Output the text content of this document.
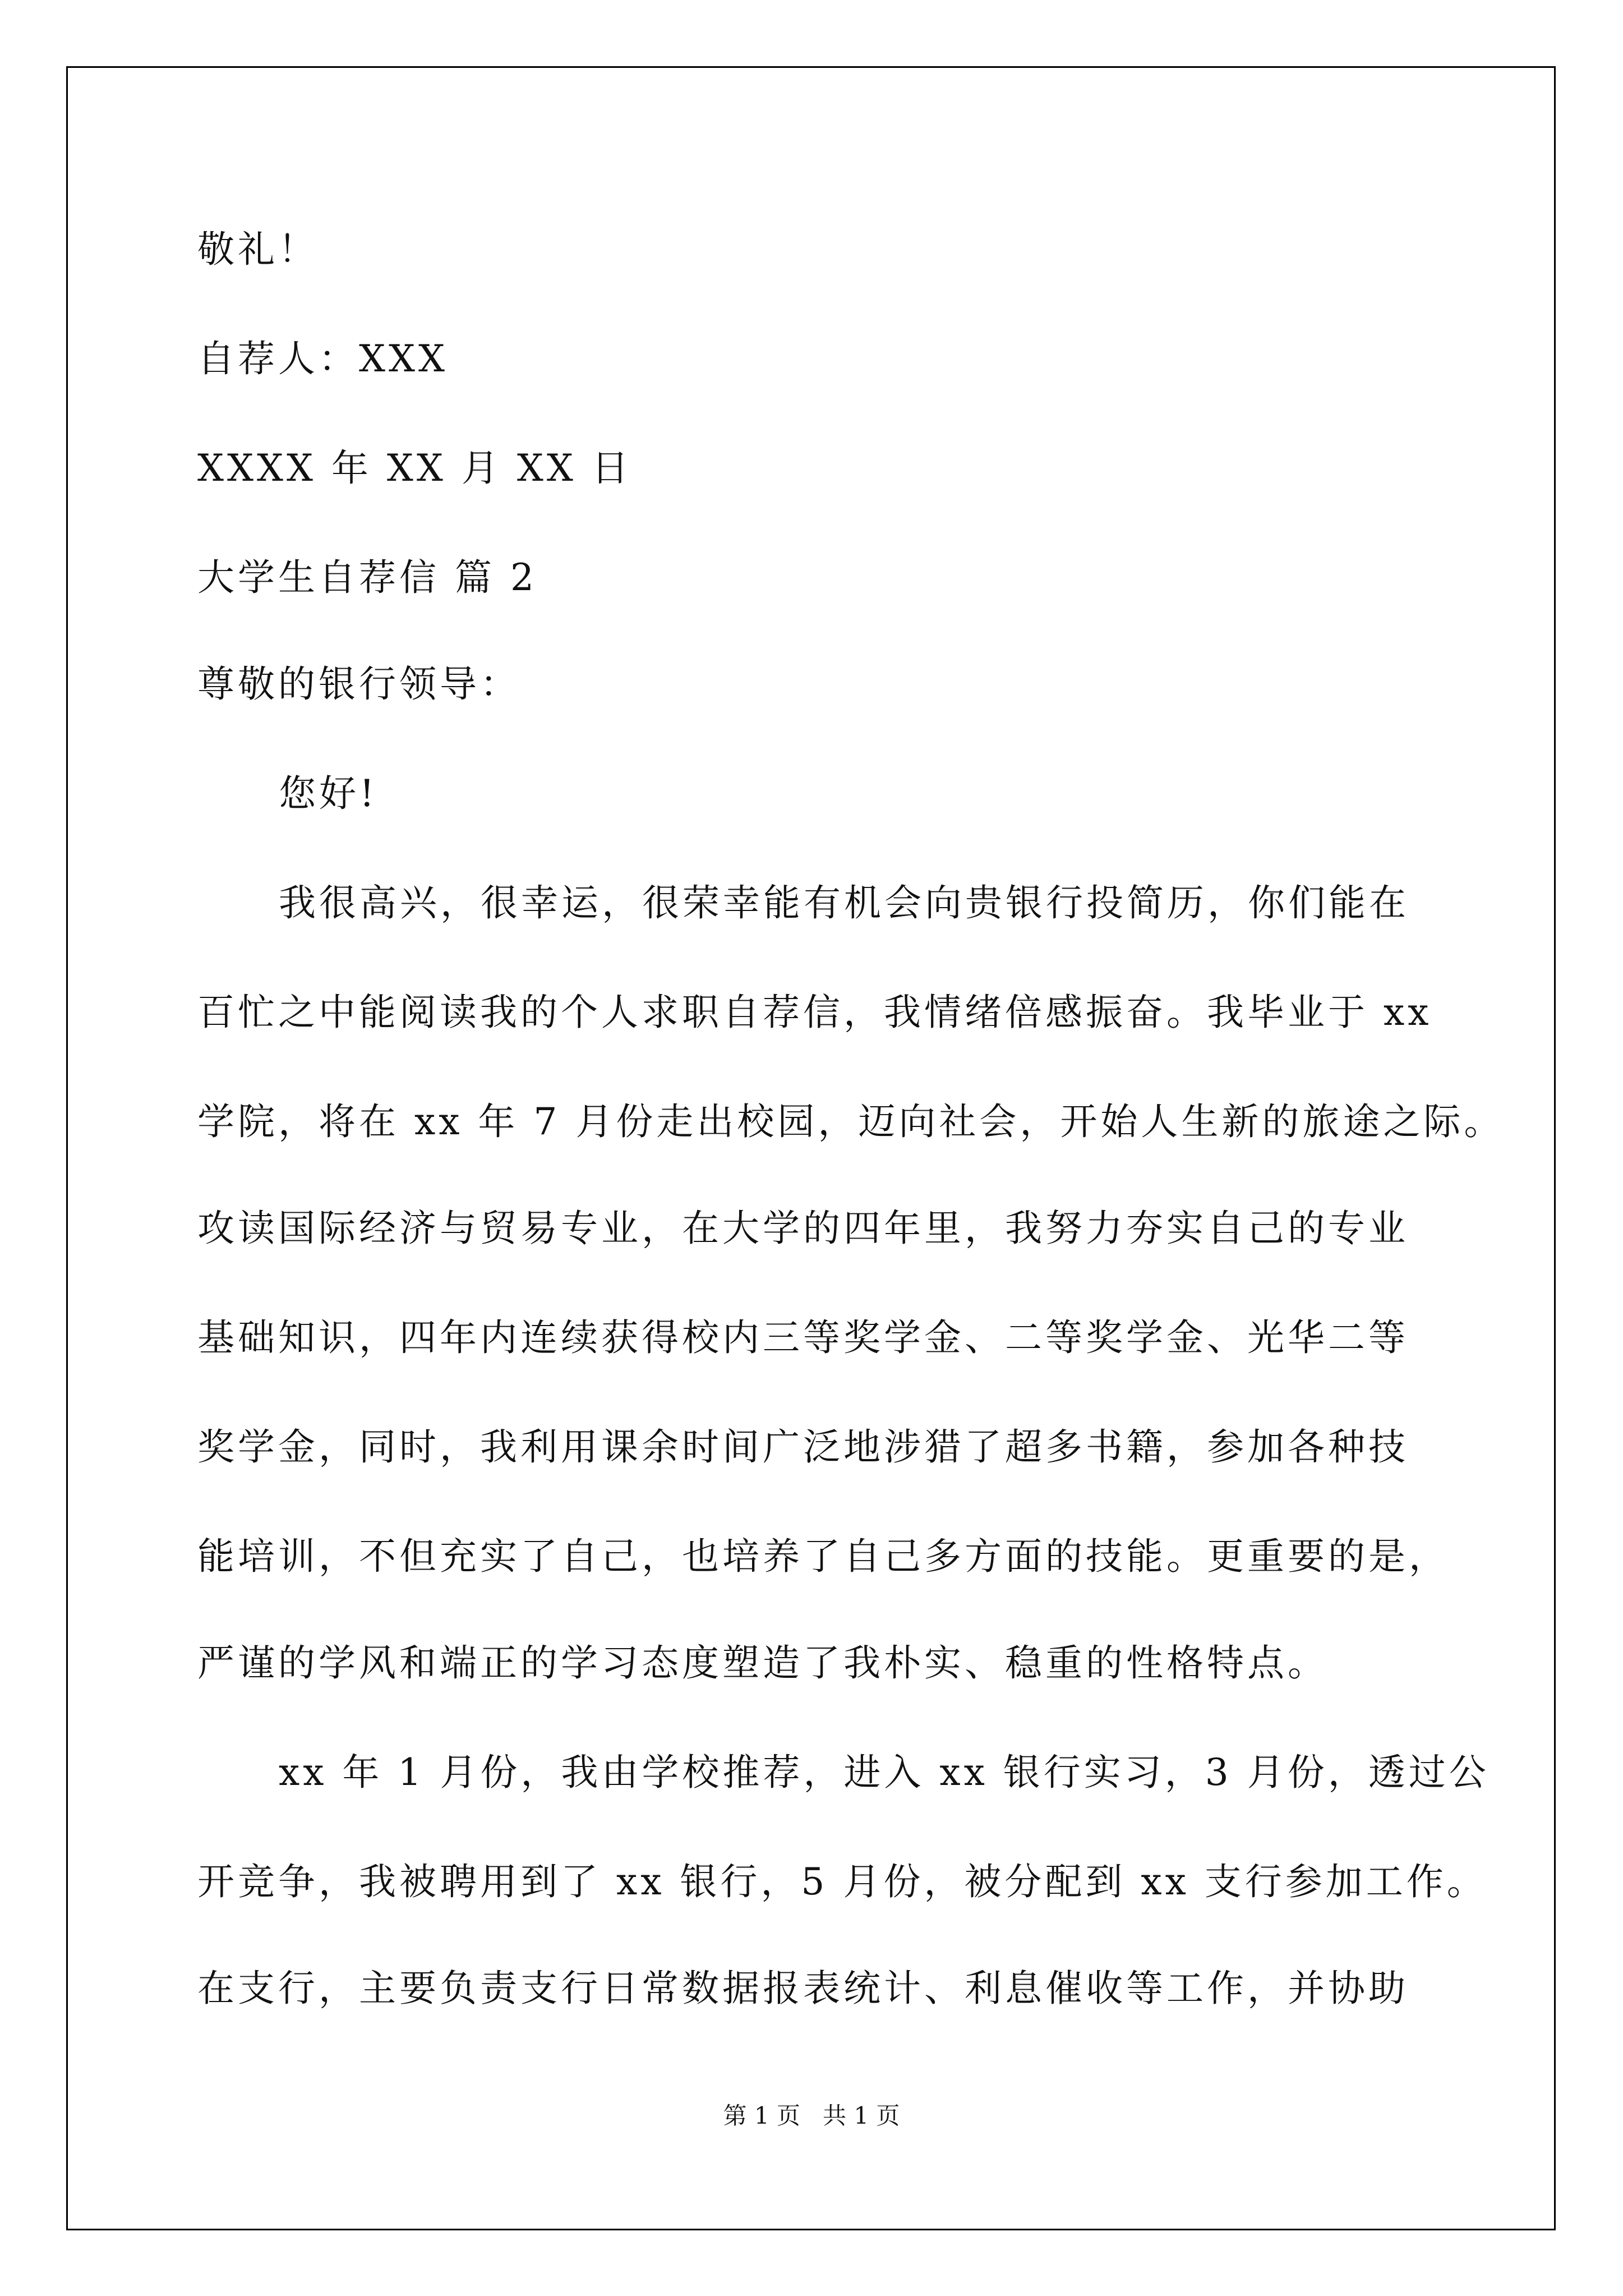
敬礼！
自荐人：XXX
XXXX 年 XX 月 XX 日
大学生自荐信 篇 2
尊敬的银行领导：
您好!
我很高兴，很幸运，很荣幸能有机会向贵银行投简历，你们能在
百忙之中能阅读我的个人求职自荐信，我情绪倍感振奋。我毕业于 xx
学院，将在 xx 年 7 月份走出校园，迈向社会，开始人生新的旅途之际。
攻读国际经济与贸易专业，在大学的四年里，我努力夯实自己的专业
基础知识，四年内连续获得校内三等奖学金、二等奖学金、光华二等
奖学金，同时，我利用课余时间广泛地涉猎了超多书籍，参加各种技
能培训，不但充实了自己，也培养了自己多方面的技能。更重要的是，
严谨的学风和端正的学习态度塑造了我朴实、稳重的性格特点。
xx 年 1 月份，我由学校推荐，进入 xx 银行实习，3 月份，透过公
开竞争，我被聘用到了 xx 银行，5 月份，被分配到 xx 支行参加工作。
在支行，主要负责支行日常数据报表统计、利息催收等工作，并协助
第 1 页 共 1 页
